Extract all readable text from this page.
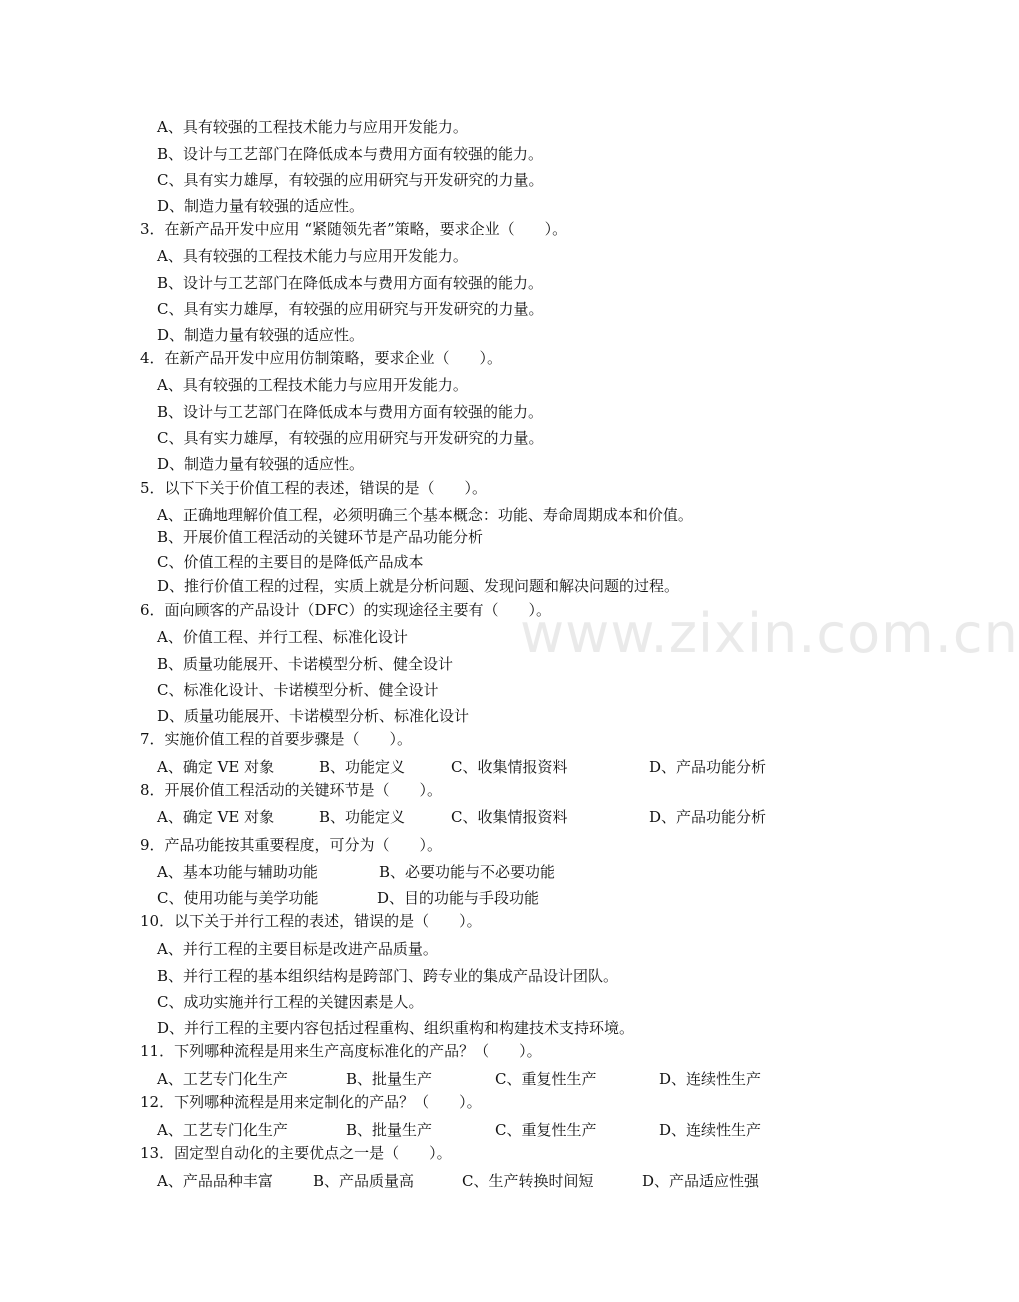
www.zixin.com.cn
A、具有较强的工程技术能力与应用开发能力。
B、设计与工艺部门在降低成本与费用方面有较强的能力。
C、具有实力雄厚，有较强的应用研究与开发研究的力量。
D、制造力量有较强的适应性。
3．在新产品开发中应用 “紧随领先者”策略，要求企业（　　）。
A、具有较强的工程技术能力与应用开发能力。
B、设计与工艺部门在降低成本与费用方面有较强的能力。
C、具有实力雄厚，有较强的应用研究与开发研究的力量。
D、制造力量有较强的适应性。
4．在新产品开发中应用仿制策略，要求企业（　　）。
A、具有较强的工程技术能力与应用开发能力。
B、设计与工艺部门在降低成本与费用方面有较强的能力。
C、具有实力雄厚，有较强的应用研究与开发研究的力量。
D、制造力量有较强的适应性。
5．以下下关于价值工程的表述，错误的是（　　）。
A、正确地理解价值工程，必须明确三个基本概念：功能、寿命周期成本和价值。
B、开展价值工程活动的关键环节是产品功能分析
C、价值工程的主要目的是降低产品成本
D、推行价值工程的过程，实质上就是分析问题、发现问题和解决问题的过程。
6．面向顾客的产品设计（DFC）的实现途径主要有（　　）。
A、价值工程、并行工程、标准化设计
B、质量功能展开、卡诺模型分析、健全设计
C、标准化设计、卡诺模型分析、健全设计
D、质量功能展开、卡诺模型分析、标准化设计
7．实施价值工程的首要步骤是（　　）。
A、确定 VE 对象	B、功能定义	C、收集情报资料	D、产品功能分析
8．开展价值工程活动的关键环节是（　　）。
A、确定 VE 对象	B、功能定义	C、收集情报资料	D、产品功能分析
9．产品功能按其重要程度，可分为（　　）。
A、基本功能与辅助功能	B、必要功能与不必要功能
C、使用功能与美学功能	D、目的功能与手段功能
10．以下关于并行工程的表述，错误的是（　　）。
A、并行工程的主要目标是改进产品质量。
B、并行工程的基本组织结构是跨部门、跨专业的集成产品设计团队。
C、成功实施并行工程的关键因素是人。
D、并行工程的主要内容包括过程重构、组织重构和构建技术支持环境。
11．下列哪种流程是用来生产高度标准化的产品？（　　）。
A、工艺专门化生产	B、批量生产	C、重复性生产	D、连续性生产
12．下列哪种流程是用来定制化的产品？（　　）。
A、工艺专门化生产	B、批量生产	C、重复性生产	D、连续性生产
13．固定型自动化的主要优点之一是（　　）。
A、产品品种丰富	B、产品质量高	C、生产转换时间短	D、产品适应性强
